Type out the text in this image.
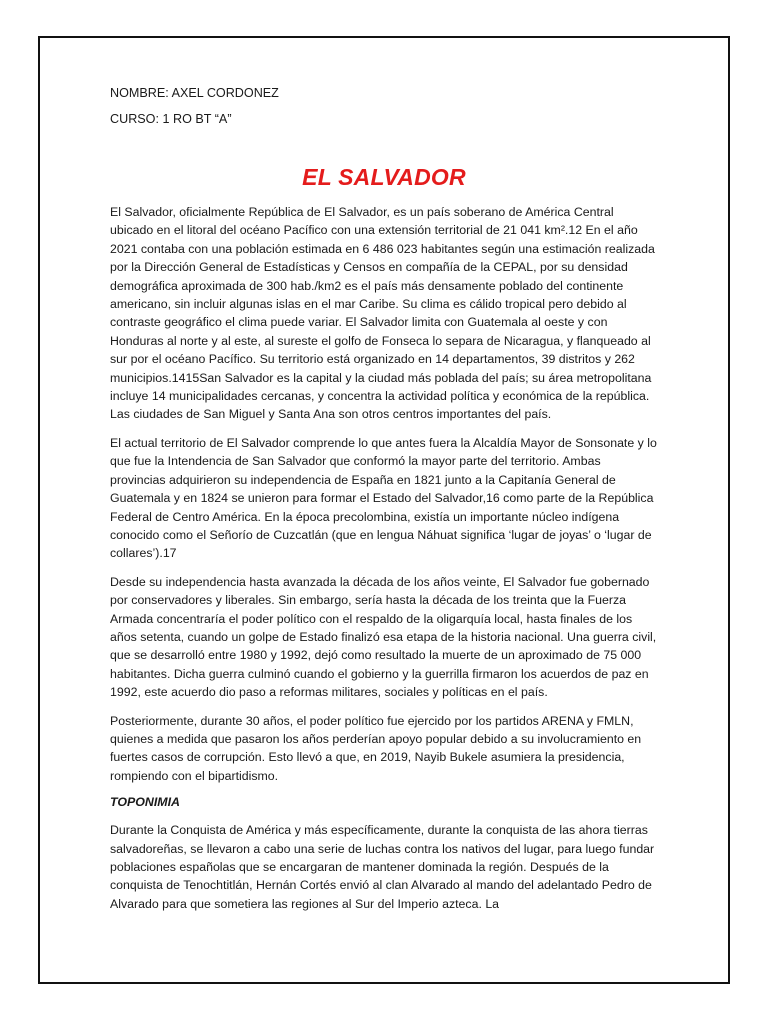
NOMBRE: AXEL CORDONEZ

CURSO: 1 RO BT “A”

EL SALVADOR

El Salvador, oficialmente República de El Salvador, es un país soberano de América Central ubicado en el litoral del océano Pacífico con una extensión territorial de 21 041 km².12 En el año 2021 contaba con una población estimada en 6 486 023 habitantes según una estimación realizada por la Dirección General de Estadísticas y Censos en compañía de la CEPAL, por su densidad demográfica aproximada de 300 hab./km2 es el país más densamente poblado del continente americano, sin incluir algunas islas en el mar Caribe. Su clima es cálido tropical pero debido al contraste geográfico el clima puede variar. El Salvador limita con Guatemala al oeste y con Honduras al norte y al este, al sureste el golfo de Fonseca lo separa de Nicaragua, y flanqueado al sur por el océano Pacífico. Su territorio está organizado en 14 departamentos, 39 distritos y 262 municipios.1415San Salvador es la capital y la ciudad más poblada del país; su área metropolitana incluye 14 municipalidades cercanas, y concentra la actividad política y económica de la república. Las ciudades de San Miguel y Santa Ana son otros centros importantes del país.

El actual territorio de El Salvador comprende lo que antes fuera la Alcaldía Mayor de Sonsonate y lo que fue la Intendencia de San Salvador que conformó la mayor parte del territorio. Ambas provincias adquirieron su independencia de España en 1821 junto a la Capitanía General de Guatemala y en 1824 se unieron para formar el Estado del Salvador,16 como parte de la República Federal de Centro América. En la época precolombina, existía un importante núcleo indígena conocido como el Señorío de Cuzcatlán (que en lengua Náhuat significa ‘lugar de joyas’ o ‘lugar de collares’).17

Desde su independencia hasta avanzada la década de los años veinte, El Salvador fue gobernado por conservadores y liberales. Sin embargo, sería hasta la década de los treinta que la Fuerza Armada concentraría el poder político con el respaldo de la oligarquía local, hasta finales de los años setenta, cuando un golpe de Estado finalizó esa etapa de la historia nacional. Una guerra civil, que se desarrolló entre 1980 y 1992, dejó como resultado la muerte de un aproximado de 75 000 habitantes. Dicha guerra culminó cuando el gobierno y la guerrilla firmaron los acuerdos de paz en 1992, este acuerdo dio paso a reformas militares, sociales y políticas en el país.

Posteriormente, durante 30 años, el poder político fue ejercido por los partidos ARENA y FMLN, quienes a medida que pasaron los años perderían apoyo popular debido a su involucramiento en fuertes casos de corrupción. Esto llevó a que, en 2019, Nayib Bukele asumiera la presidencia, rompiendo con el bipartidismo.

TOPONIMIA

Durante la Conquista de América y más específicamente, durante la conquista de las ahora tierras salvadoreñas, se llevaron a cabo una serie de luchas contra los nativos del lugar, para luego fundar poblaciones españolas que se encargaran de mantener dominada la región. Después de la conquista de Tenochtitlán, Hernán Cortés envió al clan Alvarado al mando del adelantado Pedro de Alvarado para que sometiera las regiones al Sur del Imperio azteca. La
